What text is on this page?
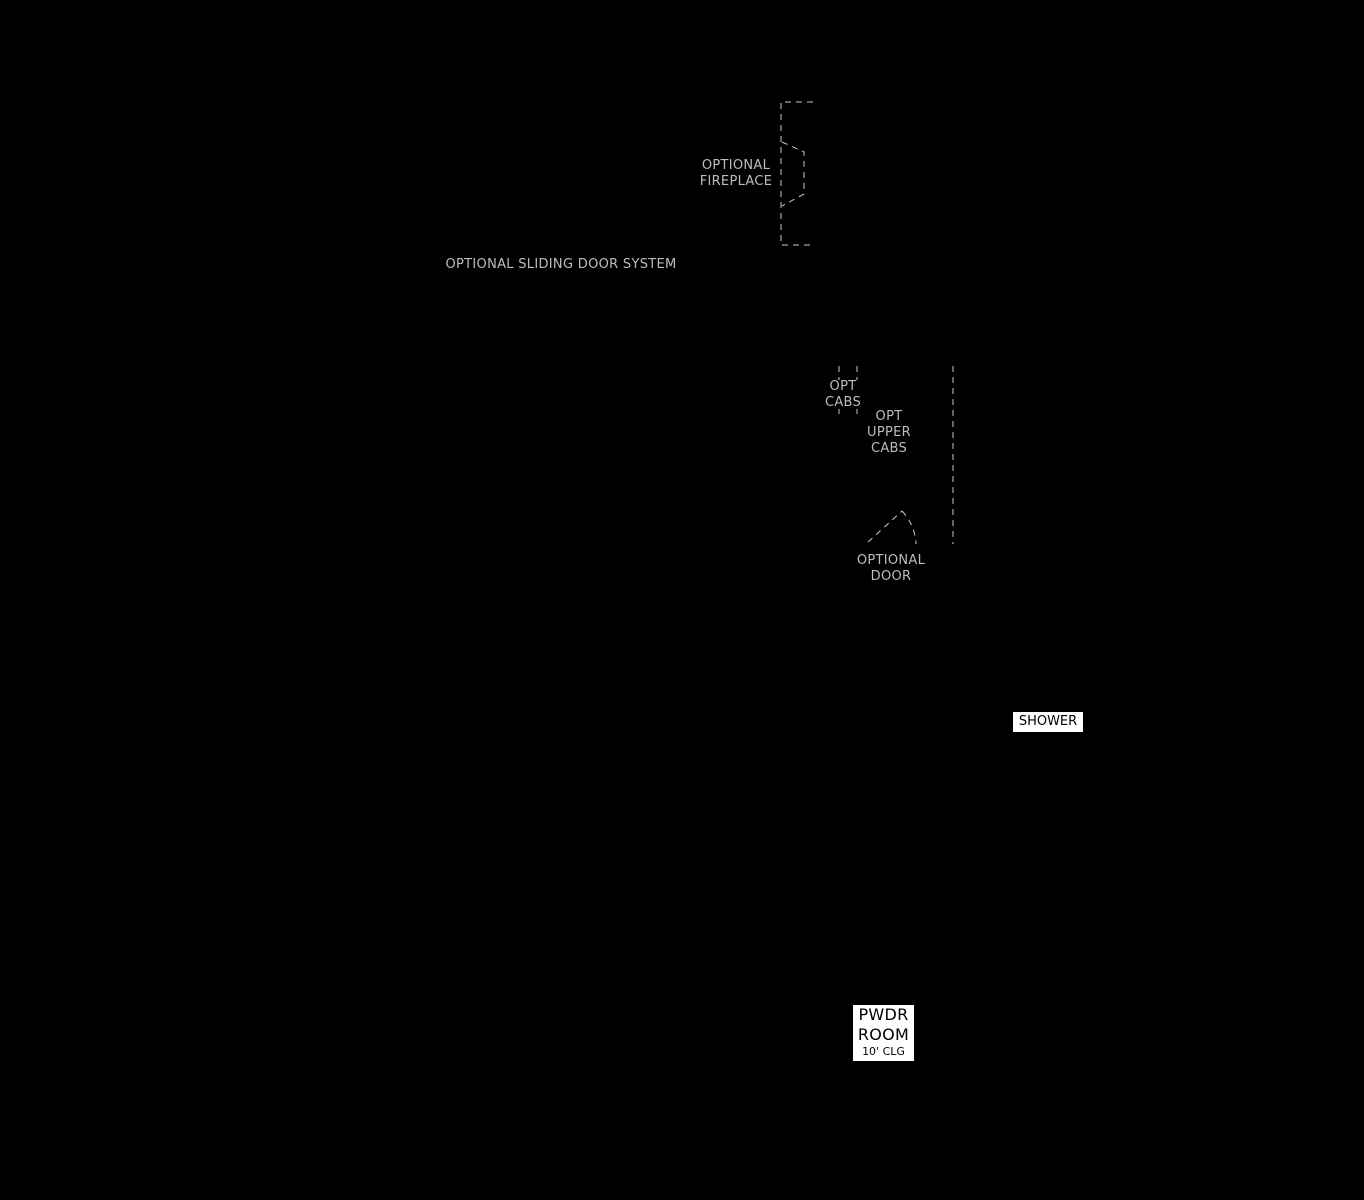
OPTIONAL
FIREPLACE
OPTIONAL SLIDING DOOR SYSTEM
OPT
CABS
OPT
UPPER
CABS
OPTIONAL
DOOR
SHOWER
PWDR
ROOM
10' CLG
